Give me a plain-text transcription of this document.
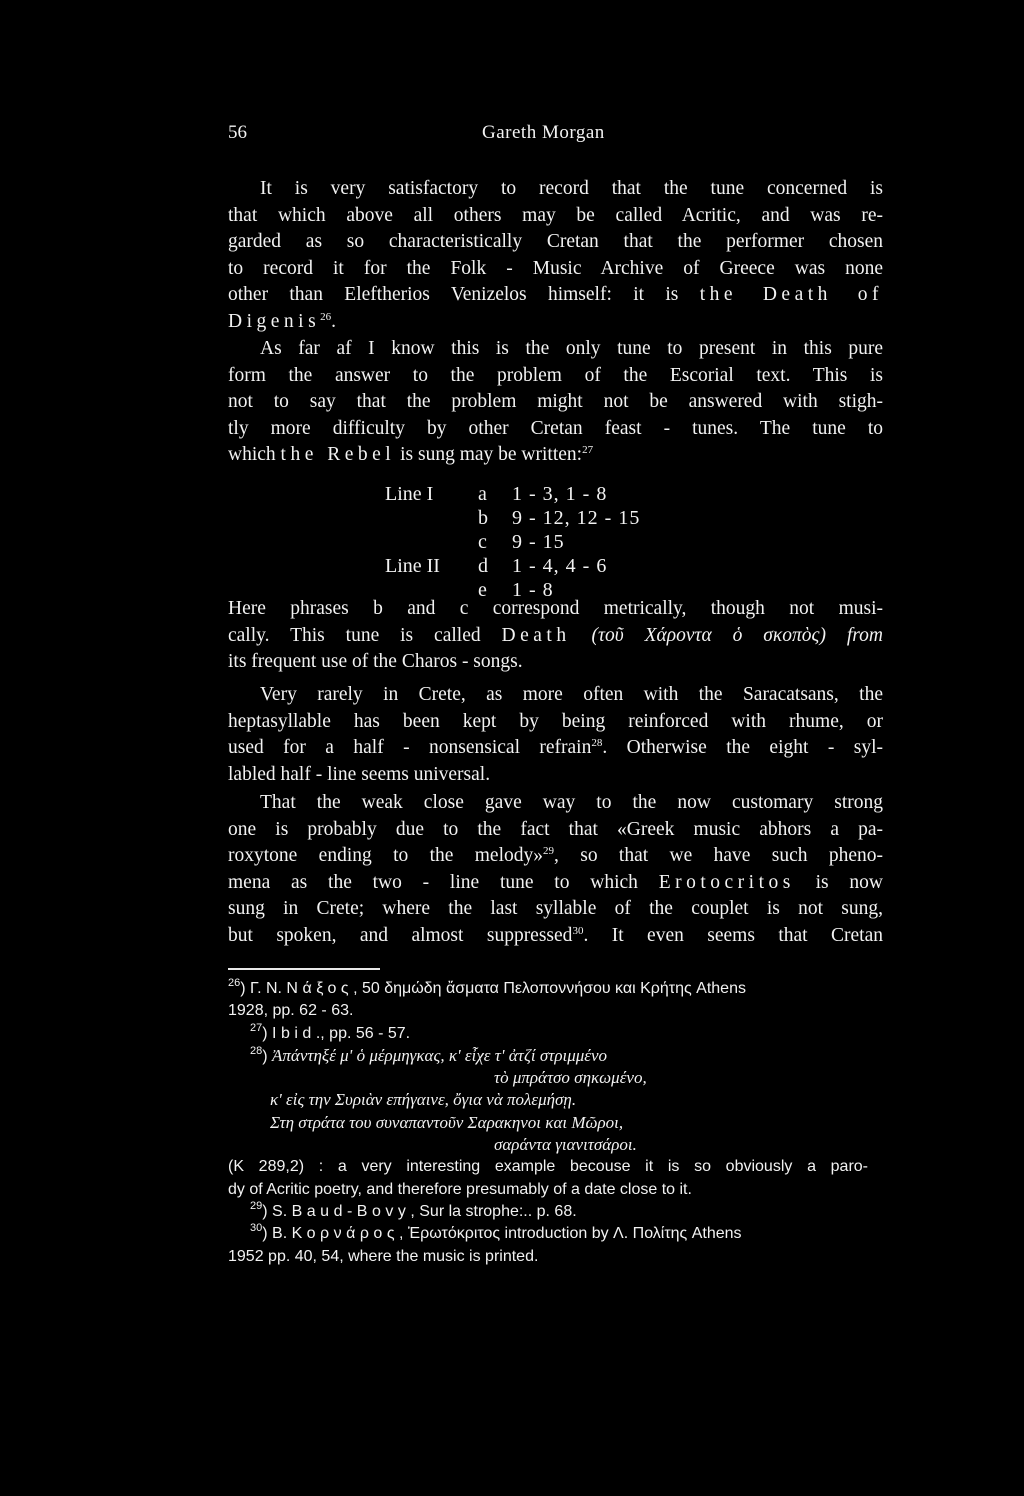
56	Gareth Morgan
It is very satisfactory to record that the tune concerned is
that which above all others may be called Acritic, and was re-
garded as so characteristically Cretan that the performer chosen
to record it for the Folk - Music Archive of Greece was none
other than Eleftherios Venizelos himself: it is the Death of
Digenis$^{26}$.
As far af I know this is the only tune to present in this pure
form the answer to the problem of the Escorial text. This is
not to say that the problem might not be answered with stigh-
tly more difficulty by other Cretan feast - tunes. The tune to
which the Rebel is sung may be written:$^{27}$
Line I	a 1 - 3, 1 - 8
b 9 - 12, 12 - 15
c 9 - 15
Line II	d 1 - 4, 4 - 6
e 1 - 8
Here phrases b and c correspond metrically, though not musi-
cally. This tune is called Death (τοῦ Χάροντα ὁ σκοπὸς) from
its frequent use of the Charos - songs.
Very rarely in Crete, as more often with the Saracatsans, the
heptasyllable has been kept by being reinforced with rhume, or
used for a half - nonsensical refrain$^{28}$. Otherwise the eight - syl-
labled half - line seems universal.
That the weak close gave way to the now customary strong
one is probably due to the fact that «Greek music abhors a pa-
roxytone ending to the melody»$^{29}$, so that we have such pheno-
mena as the two - line tune to which Erotocritos is now
sung in Crete; where the last syllable of the couplet is not sung,
but spoken, and almost suppressed$^{30}$. It even seems that Cretan
$^{26}$) Γ. Ν. Νάξος, 50 δημώδη ἄσματα Πελοποννήσου και Κρήτης Athens
1928, pp. 62 - 63.
$^{27}$) Ibid., pp. 56 - 57.
$^{28}$) Ἀπάντηξέ μ' ὁ μέρμηγκας, κ' εἶχε τ' ἀτζί στριμμένο
τὸ μπράτσο σηκωμένο,
κ' εἰς την Συριὰν επήγαινε, ὄγια νὰ πολεμήσῃ.
Στη στράτα του συναπαντοῦν Σαρακηνοι και Μῶροι,
σαράντα γιανιτσάροι.
(K 289,2) : a very interesting example becouse it is so obviously a paro-
dy of Acritic poetry, and therefore presumably of a date close to it.
$^{29}$) S. Baud-Bovy, Sur la strophe:.. p. 68.
$^{30}$) Β. Κορνάρος, Ἐρωτόκριτος introduction by Λ. Πολίτης Athens
1952 pp. 40, 54, where the music is printed.
